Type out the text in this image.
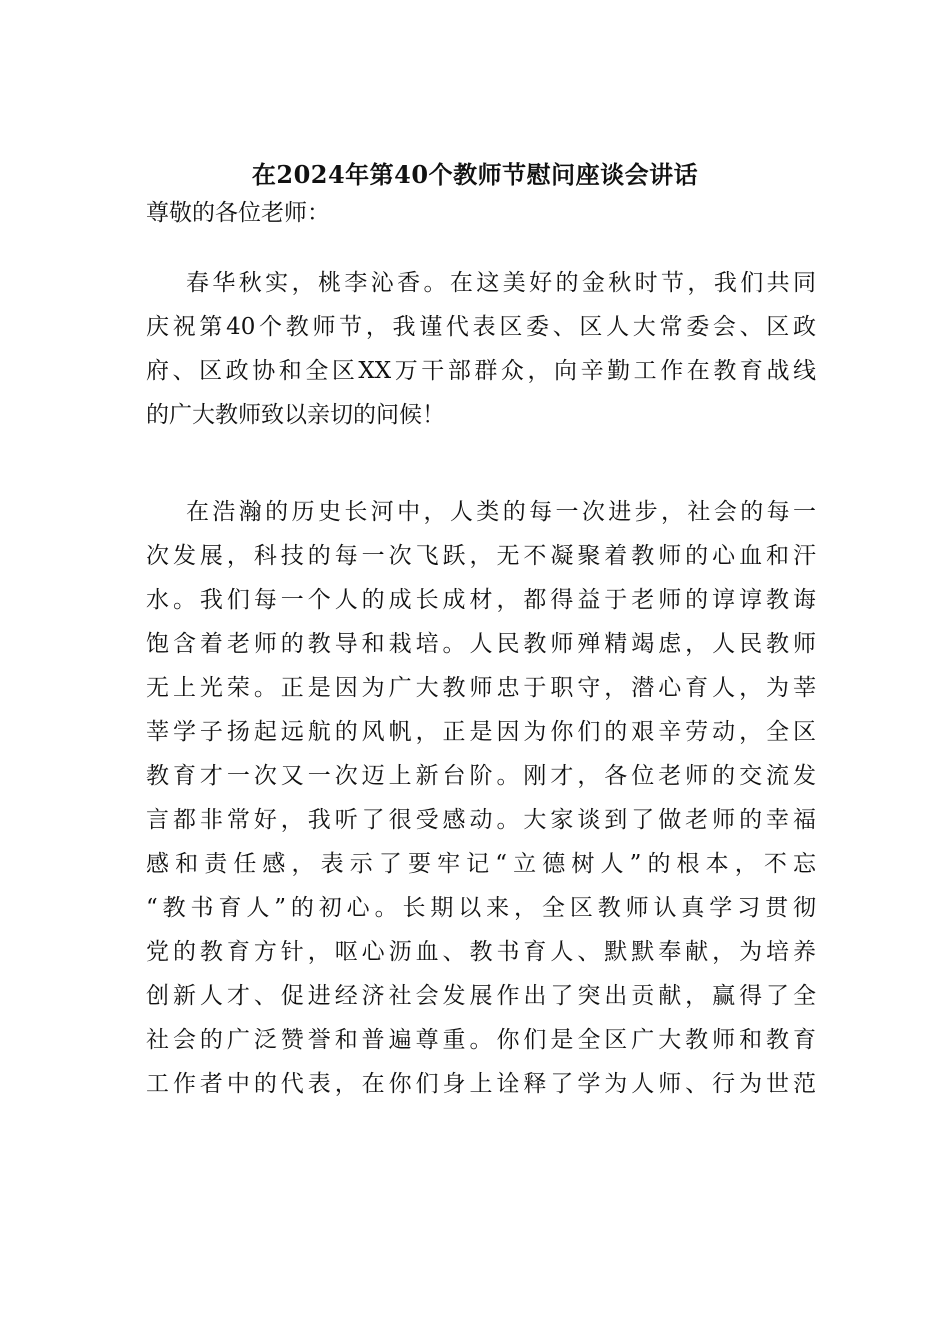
在2024年第40个教师节慰问座谈会讲话
尊敬的各位老师：
春华秋实，桃李沁香。在这美好的金秋时节，我们共同
庆祝第40个教师节，我谨代表区委、区人大常委会、区政
府、区政协和全区XX万干部群众，向辛勤工作在教育战线
的广大教师致以亲切的问候！
在浩瀚的历史长河中，人类的每一次进步，社会的每一
次发展，科技的每一次飞跃，无不凝聚着教师的心血和汗
水。我们每一个人的成长成材，都得益于老师的谆谆教诲
饱含着老师的教导和栽培。人民教师殚精竭虑，人民教师
无上光荣。正是因为广大教师忠于职守，潜心育人，为莘
莘学子扬起远航的风帆，正是因为你们的艰辛劳动，全区
教育才一次又一次迈上新台阶。刚才，各位老师的交流发
言都非常好，我听了很受感动。大家谈到了做老师的幸福
感和责任感，表示了要牢记“立德树人”的根本，不忘
“教书育人”的初心。长期以来，全区教师认真学习贯彻
党的教育方针，呕心沥血、教书育人、默默奉献，为培养
创新人才、促进经济社会发展作出了突出贡献，赢得了全
社会的广泛赞誉和普遍尊重。你们是全区广大教师和教育
工作者中的代表，在你们身上诠释了学为人师、行为世范
